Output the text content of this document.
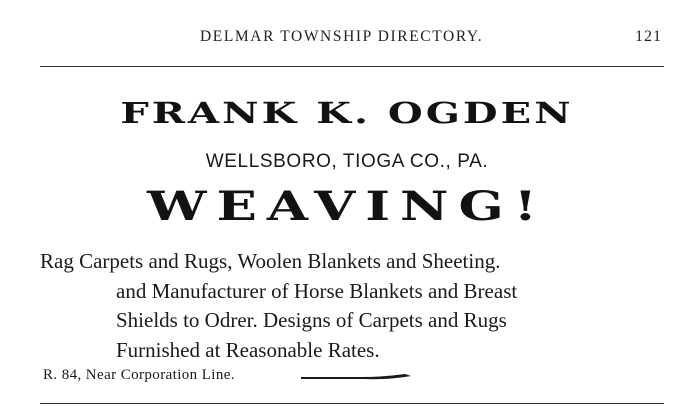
DELMAR TOWNSHIP DIRECTORY.	121
FRANK K. OGDEN
WELLSBORO, TIOGA CO., PA.
WEAVING!
Rag Carpets and Rugs, Woolen Blankets and Sheeting.
and Manufacturer of Horse Blankets and Breast
Shields to Odrer. Designs of Carpets and Rugs
Furnished at Reasonable Rates.
R. 84, Near Corporation Line.
